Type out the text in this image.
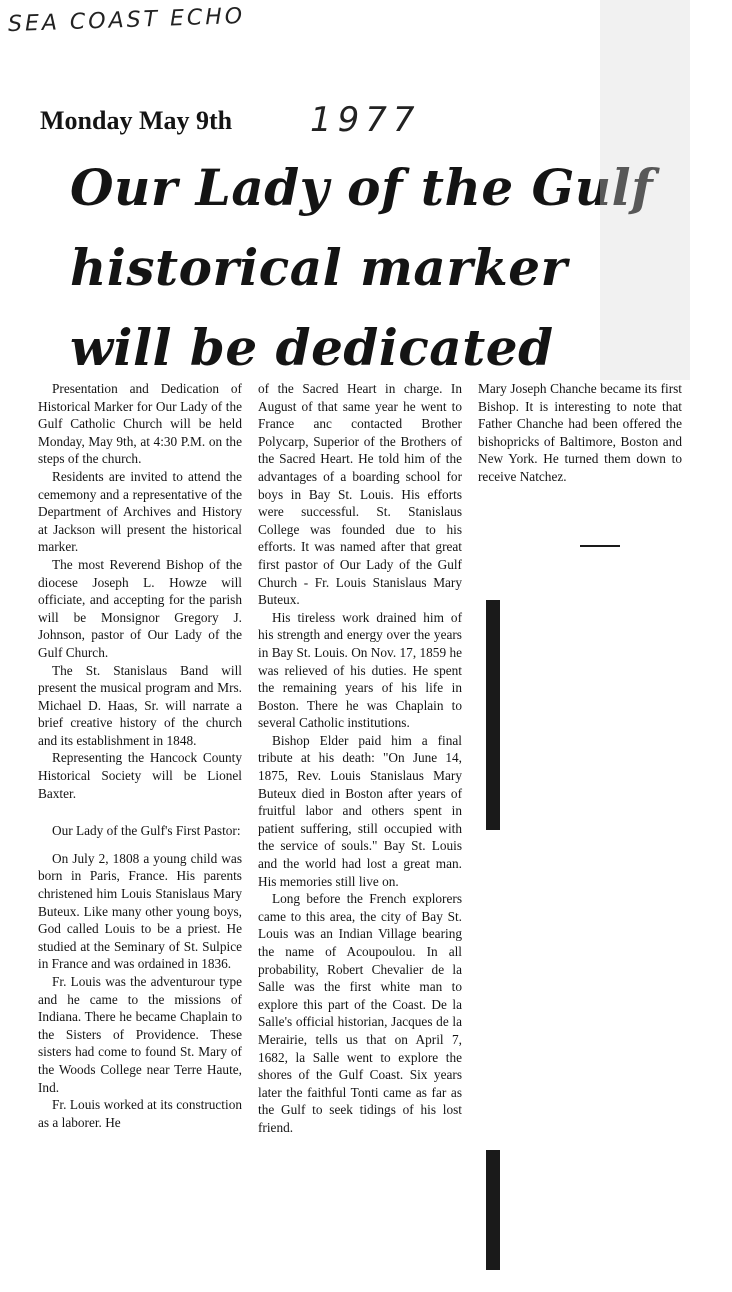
SEA COAST ECHO
1977
Monday May 9th
Our Lady of the Gulf
historical marker
will be dedicated

Presentation and Dedication of Historical Marker for Our Lady of the Gulf Catholic Church will be held Monday, May 9th, at 4:30 P.M. on the steps of the church.

Residents are invited to attend the cememony and a representative of the Department of Archives and History at Jackson will present the historical marker.

The most Reverend Bishop of the diocese Joseph L. Howze will officiate, and accepting for the parish will be Monsignor Gregory J. Johnson, pastor of Our Lady of the Gulf Church.

The St. Stanislaus Band will present the musical program and Mrs. Michael D. Haas, Sr. will narrate a brief creative history of the church and its establishment in 1848.

Representing the Hancock County Historical Society will be Lionel Baxter.

Our Lady of the Gulf's First Pastor:

On July 2, 1808 a young child was born in Paris, France. His parents christened him Louis Stanislaus Mary Buteux. Like many other young boys, God called Louis to be a priest. He studied at the Seminary of St. Sulpice in France and was ordained in 1836.

Fr. Louis was the adventurour type and he came to the missions of Indiana. There he became Chaplain to the Sisters of Providence. These sisters had come to found St. Mary of the Woods College near Terre Haute, Ind.

Fr. Louis worked at its construction as a laborer. He

of the Sacred Heart in charge. In August of that same year he went to France anc contacted Brother Polycarp, Superior of the Brothers of the Sacred Heart. He told him of the advantages of a boarding school for boys in Bay St. Louis. His efforts were successful. St. Stanislaus College was founded due to his efforts. It was named after that great first pastor of Our Lady of the Gulf Church - Fr. Louis Stanislaus Mary Buteux.

His tireless work drained him of his strength and energy over the years in Bay St. Louis. On Nov. 17, 1859 he was relieved of his duties. He spent the remaining years of his life in Boston. There he was Chaplain to several Catholic institutions.

Bishop Elder paid him a final tribute at his death: "On June 14, 1875, Rev. Louis Stanislaus Mary Buteux died in Boston after years of fruitful labor and others spent in patient suffering, still occupied with the service of souls." Bay St. Louis and the world had lost a great man. His memories still live on.

Long before the French explorers came to this area, the city of Bay St. Louis was an Indian Village bearing the name of Acoupoulou. In all probability, Robert Chevalier de la Salle was the first white man to explore this part of the Coast. De la Salle's official historian, Jacques de la Merairie, tells us that on April 7, 1682, la Salle went to explore the shores of the Gulf Coast. Six years later the faithful Tonti came as far as the Gulf to seek tidings of his lost friend.

Mary Joseph Chanche became its first Bishop. It is interesting to note that Father Chanche had been offered the bishopricks of Baltimore, Boston and New York. He turned them down to receive Natchez.
